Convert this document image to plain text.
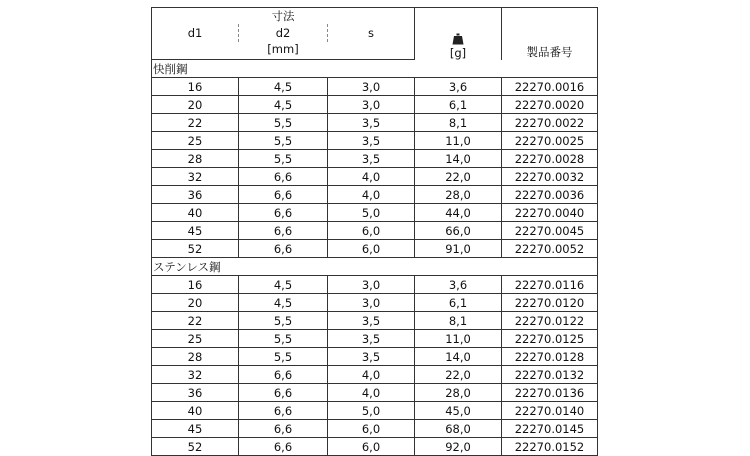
	寸法		[g]	製品番号
d1	d2	s		
	[mm]			
快削鋼				
16	4,5	3,0	3,6	22270.0016
20	4,5	3,0	6,1	22270.0020
22	5,5	3,5	8,1	22270.0022
25	5,5	3,5	11,0	22270.0025
28	5,5	3,5	14,0	22270.0028
32	6,6	4,0	22,0	22270.0032
36	6,6	4,0	28,0	22270.0036
40	6,6	5,0	44,0	22270.0040
45	6,6	6,0	66,0	22270.0045
52	6,6	6,0	91,0	22270.0052
ステンレス鋼				
16	4,5	3,0	3,6	22270.0116
20	4,5	3,0	6,1	22270.0120
22	5,5	3,5	8,1	22270.0122
25	5,5	3,5	11,0	22270.0125
28	5,5	3,5	14,0	22270.0128
32	6,6	4,0	22,0	22270.0132
36	6,6	4,0	28,0	22270.0136
40	6,6	5,0	45,0	22270.0140
45	6,6	6,0	68,0	22270.0145
52	6,6	6,0	92,0	22270.0152
